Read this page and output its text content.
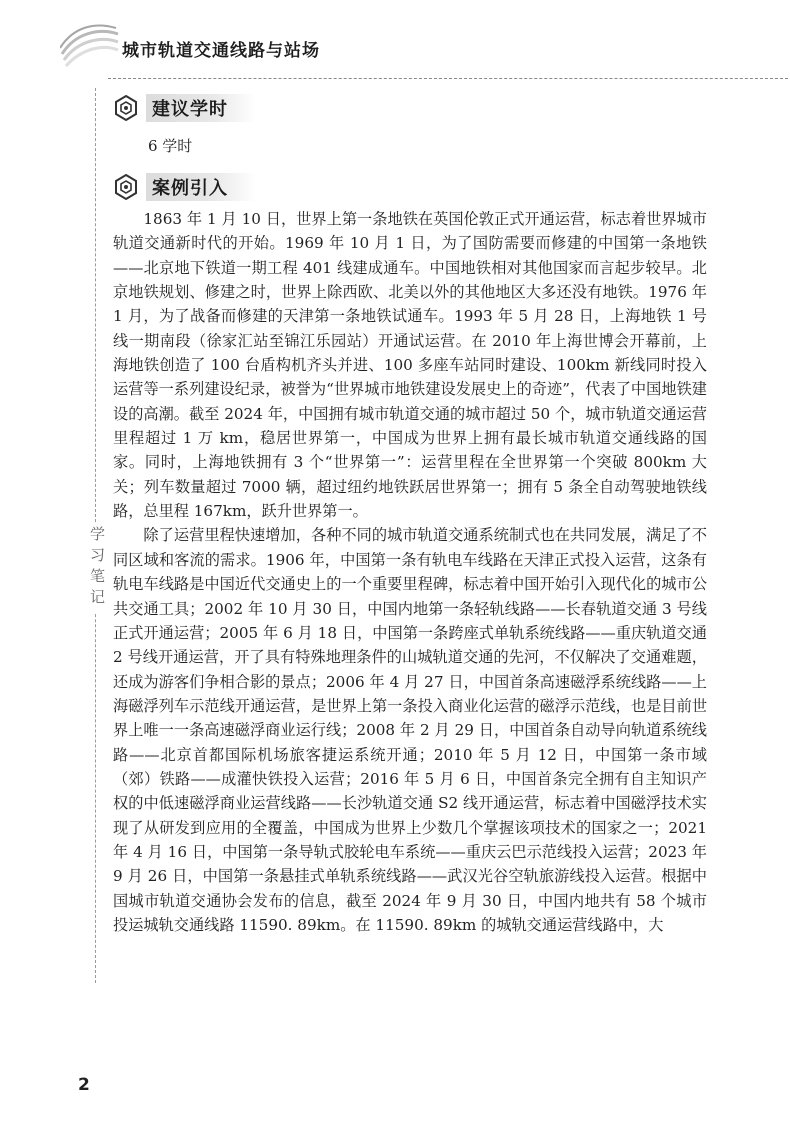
城市轨道交通线路与站场
学习笔记
建议学时
6 学时
案例引入

1863 年 1 月 10 日，世界上第一条地铁在英国伦敦正式开通运营，标志着世界城市轨道交通新时代的开始。1969 年 10 月 1 日，为了国防需要而修建的中国第一条地铁——北京地下铁道一期工程 401 线建成通车。中国地铁相对其他国家而言起步较早。北京地铁规划、修建之时，世界上除西欧、北美以外的其他地区大多还没有地铁。1976 年 1 月，为了战备而修建的天津第一条地铁试通车。1993 年 5 月 28 日，上海地铁 1 号线一期南段（徐家汇站至锦江乐园站）开通试运营。在 2010 年上海世博会开幕前，上海地铁创造了 100 台盾构机齐头并进、100 多座车站同时建设、100km 新线同时投入运营等一系列建设纪录，被誉为“世界城市地铁建设发展史上的奇迹”，代表了中国地铁建设的高潮。截至 2024 年，中国拥有城市轨道交通的城市超过 50 个，城市轨道交通运营里程超过 1 万 km，稳居世界第一，中国成为世界上拥有最长城市轨道交通线路的国家。同时，上海地铁拥有 3 个“世界第一”：运营里程在全世界第一个突破 800km 大关；列车数量超过 7000 辆，超过纽约地铁跃居世界第一；拥有 5 条全自动驾驶地铁线路，总里程 167km，跃升世界第一。

除了运营里程快速增加，各种不同的城市轨道交通系统制式也在共同发展，满足了不同区域和客流的需求。1906 年，中国第一条有轨电车线路在天津正式投入运营，这条有轨电车线路是中国近代交通史上的一个重要里程碑，标志着中国开始引入现代化的城市公共交通工具；2002 年 10 月 30 日，中国内地第一条轻轨线路——长春轨道交通 3 号线正式开通运营；2005 年 6 月 18 日，中国第一条跨座式单轨系统线路——重庆轨道交通 2 号线开通运营，开了具有特殊地理条件的山城轨道交通的先河，不仅解决了交通难题，还成为游客们争相合影的景点；2006 年 4 月 27 日，中国首条高速磁浮系统线路——上海磁浮列车示范线开通运营，是世界上第一条投入商业化运营的磁浮示范线，也是目前世界上唯一一条高速磁浮商业运行线；2008 年 2 月 29 日，中国首条自动导向轨道系统线路——北京首都国际机场旅客捷运系统开通；2010 年 5 月 12 日，中国第一条市域（郊）铁路——成灌快铁投入运营；2016 年 5 月 6 日，中国首条完全拥有自主知识产权的中低速磁浮商业运营线路——长沙轨道交通 S2 线开通运营，标志着中国磁浮技术实现了从研发到应用的全覆盖，中国成为世界上少数几个掌握该项技术的国家之一；2021 年 4 月 16 日，中国第一条导轨式胶轮电车系统——重庆云巴示范线投入运营；2023 年 9 月 26 日，中国第一条悬挂式单轨系统线路——武汉光谷空轨旅游线投入运营。根据中国城市轨道交通协会发布的信息，截至 2024 年 9 月 30 日，中国内地共有 58 个城市投运城轨交通线路 11590. 89km。在 11590. 89km 的城轨交通运营线路中，大

2
